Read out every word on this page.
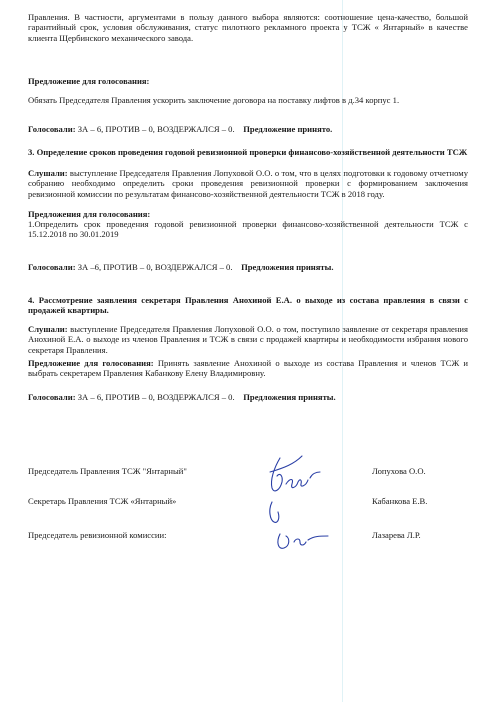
Правления. В частности, аргументами в пользу данного выбора являются: соотношение цена-качество, большой гарантийный срок, условия обслуживания, статус пилотного рекламного проекта у ТСЖ « Янтарный» в качестве клиента Щербинского механического завода.
Предложение для голосования:
Обязать Председателя Правления ускорить заключение договора на поставку лифтов в д.34 корпус 1.
Голосовали: ЗА – 6, ПРОТИВ – 0, ВОЗДЕРЖАЛСЯ – 0. Предложение принято.
3. Определение сроков проведения годовой ревизионной проверки финансово-хозяйственной деятельности ТСЖ
Слушали: выступление Председателя Правления Лопуховой О.О. о том, что в целях подготовки к годовому отчетному собранию необходимо определить сроки проведения ревизионной проверки с формированием заключения ревизионной комиссии по результатам финансово-хозяйственной деятельности ТСЖ в 2018 году.
Предложения для голосования:
1.Определить срок проведения годовой ревизионной проверки финансово-хозяйственной деятельности ТСЖ с 15.12.2018 по 30.01.2019
Голосовали: ЗА –6, ПРОТИВ – 0, ВОЗДЕРЖАЛСЯ – 0. Предложения приняты.
4. Рассмотрение заявления секретаря Правления Анохиной Е.А. о выходе из состава правления в связи с продажей квартиры.
Слушали: выступление Председателя Правления Лопуховой О.О. о том, поступило заявление от секретаря правления Анохиной Е.А. о выходе из членов Правления и ТСЖ в связи с продажей квартиры и необходимости избрания нового секретаря Правления.
Предложение для голосования: Принять заявление Анохиной о выходе из состава Правления и членов ТСЖ и выбрать секретарем Правления Кабанкову Елену Владимировну.
Голосовали: ЗА – 6, ПРОТИВ – 0, ВОЗДЕРЖАЛСЯ – 0. Предложения приняты.
Председатель Правления ТСЖ "Янтарный"	Лопухова О.О.
Секретарь Правления ТСЖ «Янтарный»	Кабанкова Е.В.
Председатель ревизионной комиссии:	Лазарева Л.Р.
